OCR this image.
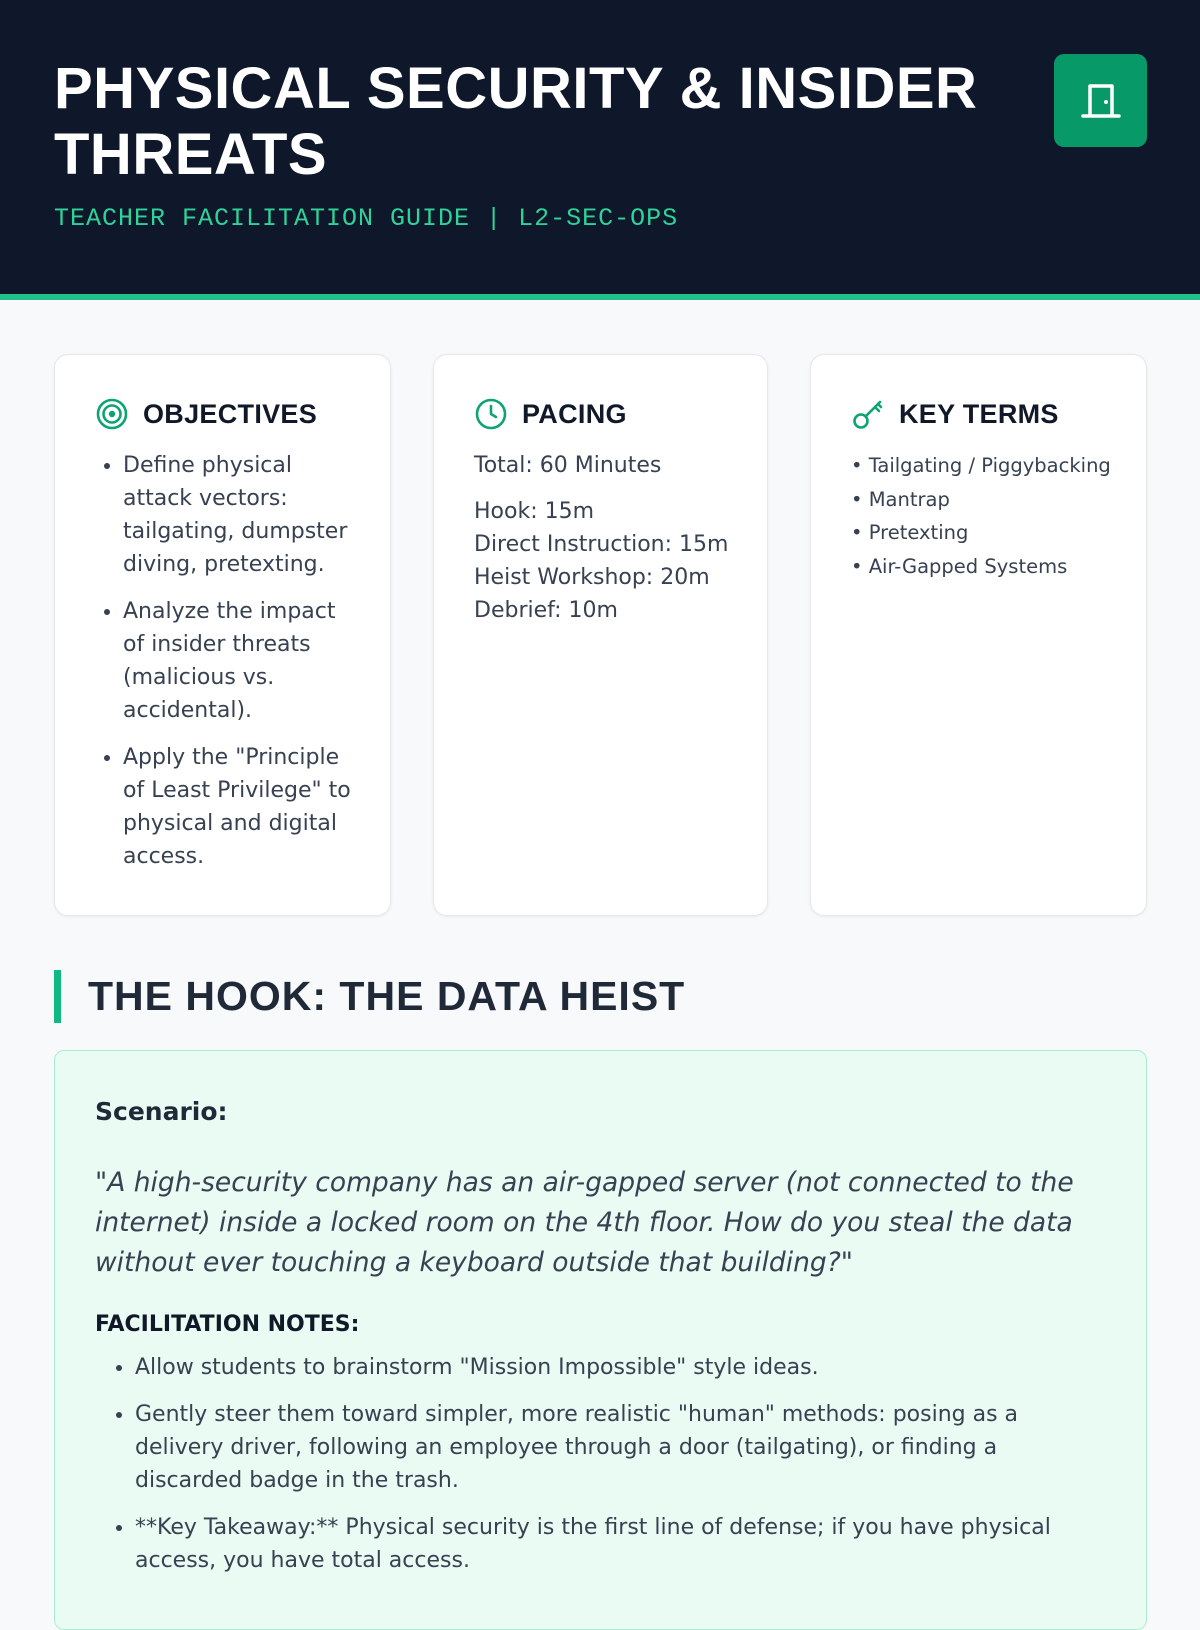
PHYSICAL SECURITY & INSIDER THREATS
TEACHER FACILITATION GUIDE | L2-SEC-OPS
OBJECTIVES
• Define physical attack vectors: tailgating, dumpster diving, pretexting.
• Analyze the impact of insider threats (malicious vs. accidental).
• Apply the "Principle of Least Privilege" to physical and digital access.
PACING
Total: 60 Minutes
Hook: 15m
Direct Instruction: 15m
Heist Workshop: 20m
Debrief: 10m
KEY TERMS
• Tailgating / Piggybacking
• Mantrap
• Pretexting
• Air-Gapped Systems
THE HOOK: THE DATA HEIST
Scenario:

"A high-security company has an air-gapped server (not connected to the internet) inside a locked room on the 4th floor. How do you steal the data without ever touching a keyboard outside that building?"

FACILITATION NOTES:
• Allow students to brainstorm "Mission Impossible" style ideas.
• Gently steer them toward simpler, more realistic "human" methods: posing as a delivery driver, following an employee through a door (tailgating), or finding a discarded badge in the trash.
• **Key Takeaway:** Physical security is the first line of defense; if you have physical access, you have total access.
